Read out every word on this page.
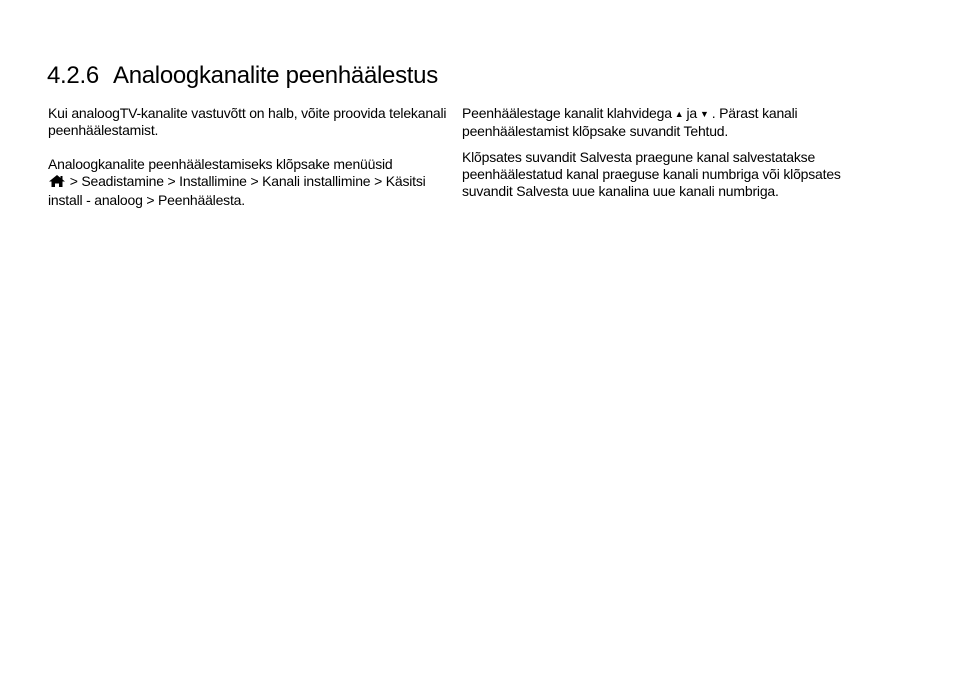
4.2.6 Analoogkanalite peenhäälestus

Kui analoogTV-kanalite vastuvõtt on halb, võite proovida telekanali peenhäälestamist.

Analoogkanalite peenhäälestamiseks klõpsake menüüsid
> Seadistamine > Installimine > Kanali installimine > Käsitsi install - analoog > Peenhäälesta.

Peenhäälestage kanalit klahvidega ▲ ja ▼ . Pärast kanali peenhäälestamist klõpsake suvandit Tehtud.

Klõpsates suvandit Salvesta praegune kanal salvestatakse peenhäälestatud kanal praeguse kanali numbriga või klõpsates suvandit Salvesta uue kanalina uue kanali numbriga.
